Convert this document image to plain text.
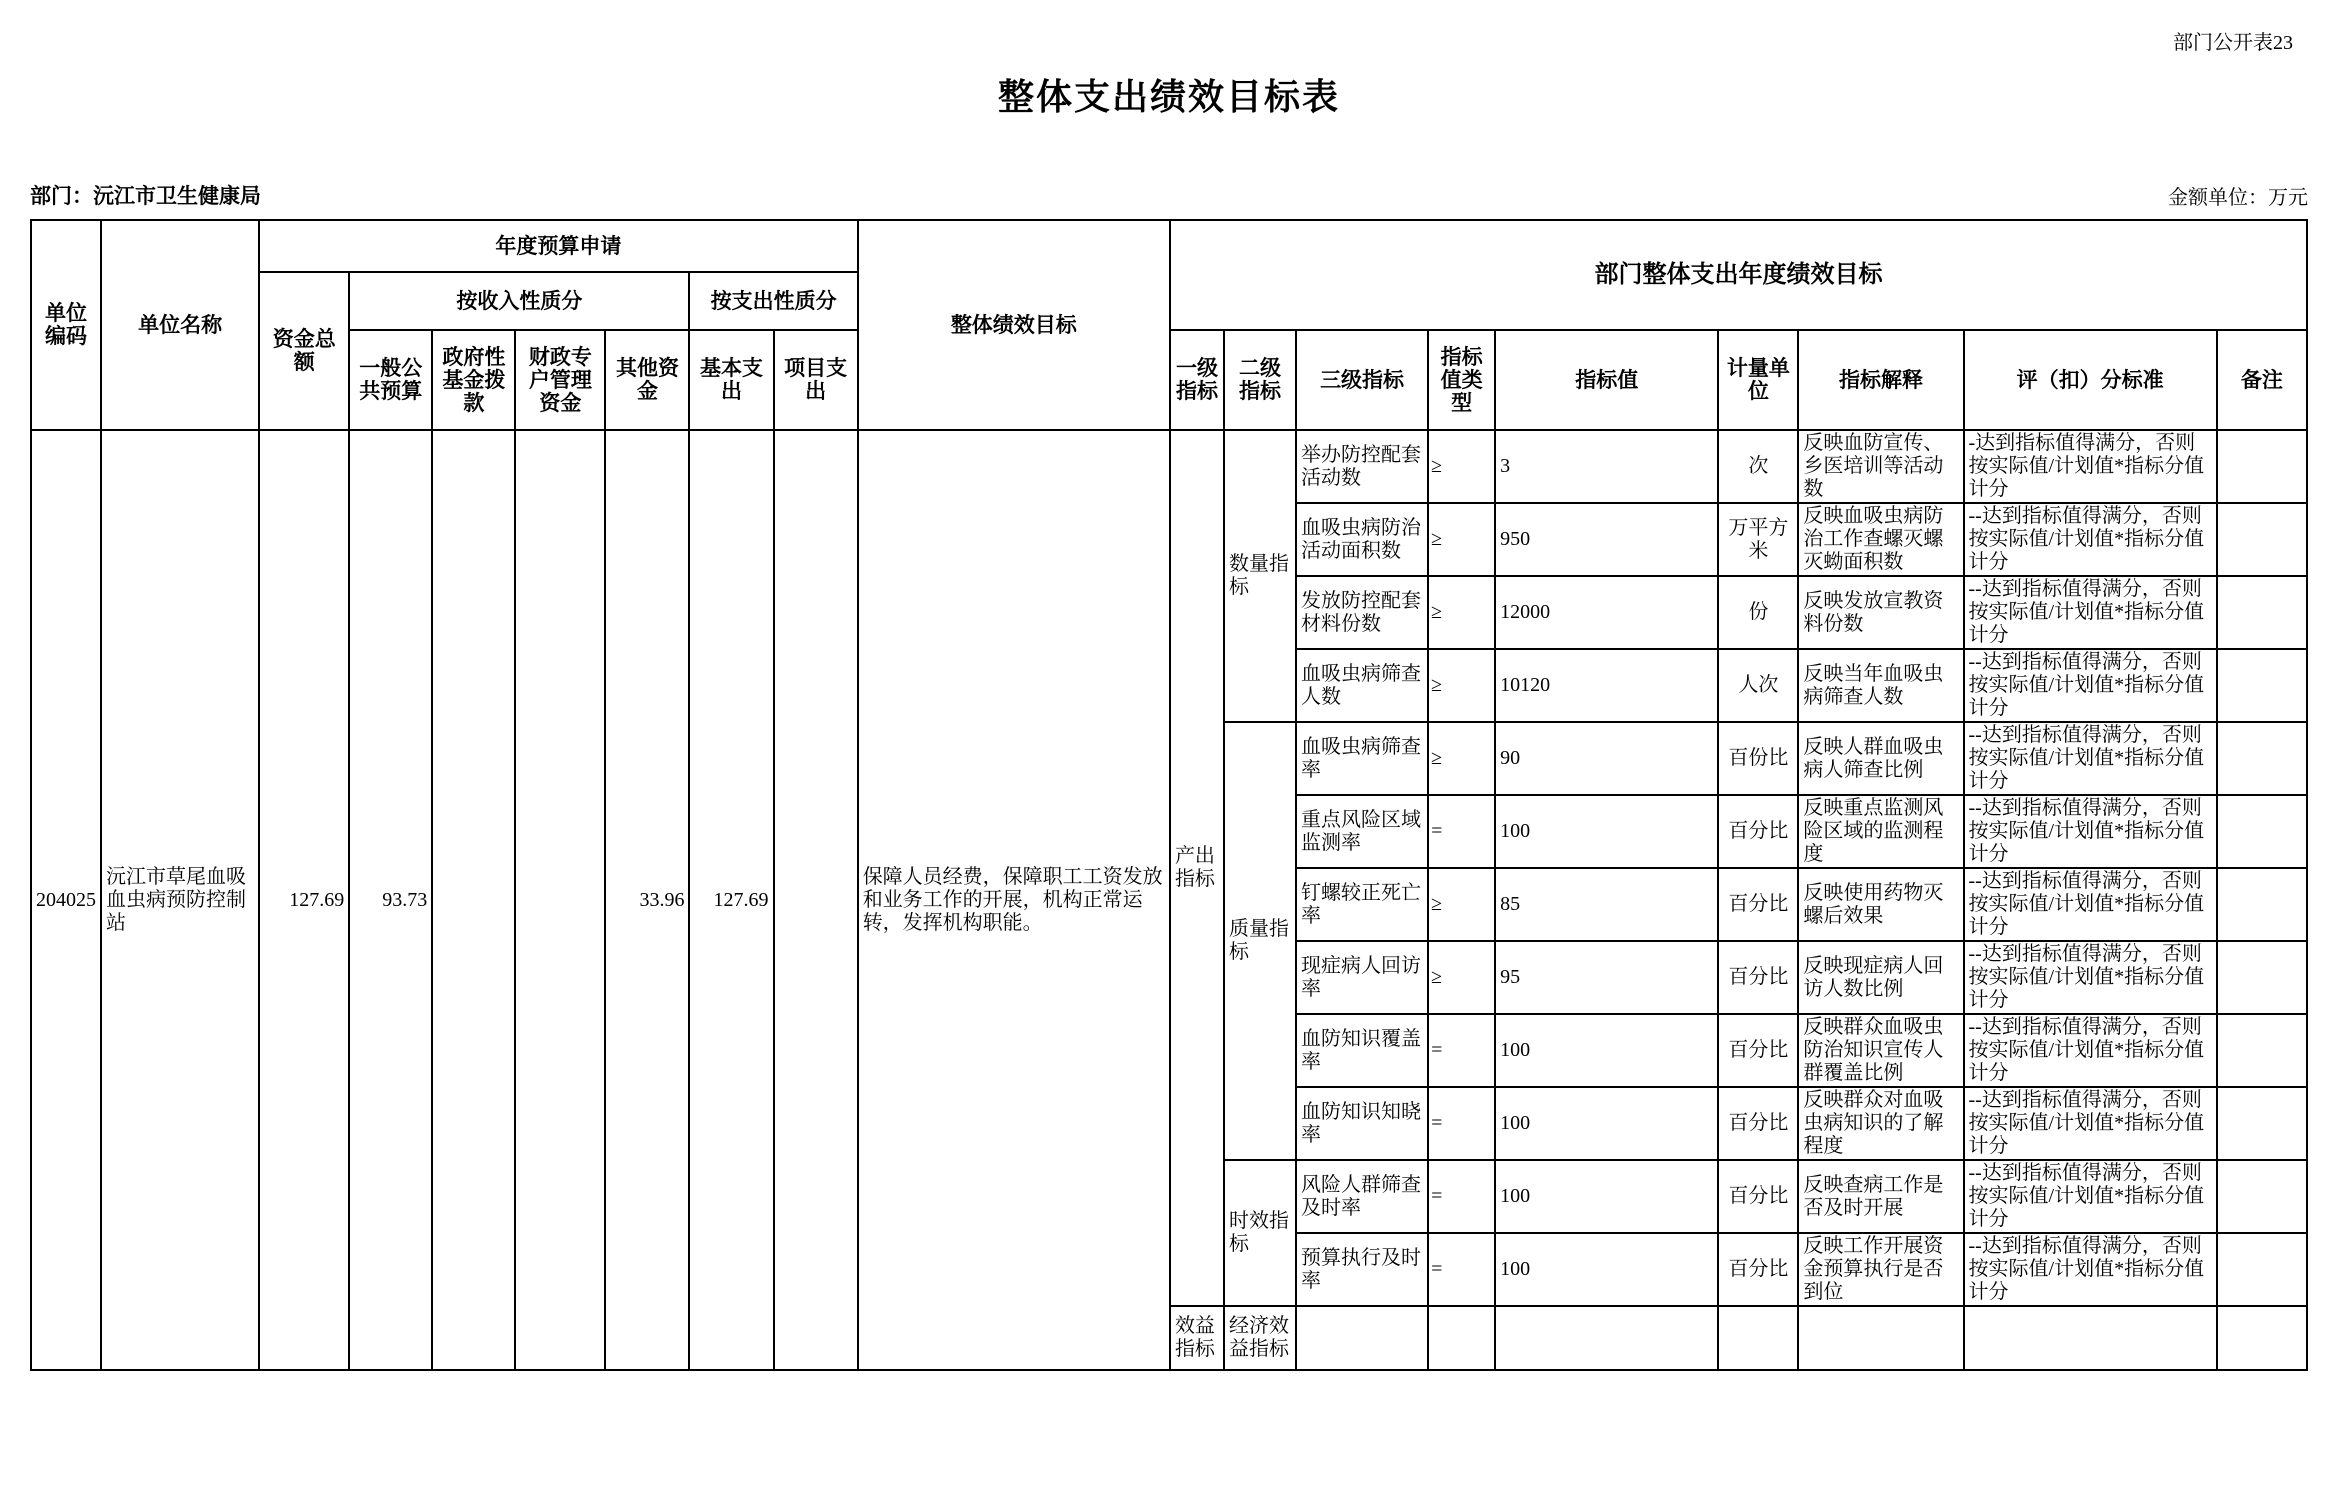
部门公开表23
整体支出绩效目标表
部门：沅江市卫生健康局	金额单位：万元
单位编码	单位名称	年度预算申请							整体绩效目标	部门整体支出年度绩效目标								
		资金总额	按收入性质分				按支出性质分											
			一般公共预算	政府性基金拨款	财政专户管理资金	其他资金	基本支出	项目支出		一级指标	二级指标	三级指标	指标值类型	指标值	计量单位	指标解释	评（扣）分标准	备注
204025	沅江市草尾血吸血虫病预防控制站	127.69	93.73			33.96	127.69		保障人员经费，保障职工工资发放和业务工作的开展，机构正常运转，发挥机构职能。	产出指标	数量指标	举办防控配套活动数	≥	3	次	反映血防宣传、乡医培训等活动数	-达到指标值得满分，否则按实际值/计划值*指标分值计分	
												血吸虫病防治活动面积数	≥	950	万平方米	反映血吸虫病防治工作查螺灭螺灭蚴面积数	--达到指标值得满分，否则按实际值/计划值*指标分值计分	
												发放防控配套材料份数	≥	12000	份	反映发放宣教资料份数	--达到指标值得满分，否则按实际值/计划值*指标分值计分	
												血吸虫病筛查人数	≥	10120	人次	反映当年血吸虫病筛查人数	--达到指标值得满分，否则按实际值/计划值*指标分值计分	
											质量指标	血吸虫病筛查率	≥	90	百份比	反映人群血吸虫病人筛查比例	--达到指标值得满分，否则按实际值/计划值*指标分值计分	
												重点风险区域监测率	=	100	百分比	反映重点监测风险区域的监测程度	--达到指标值得满分，否则按实际值/计划值*指标分值计分	
												钉螺较正死亡率	≥	85	百分比	反映使用药物灭螺后效果	--达到指标值得满分，否则按实际值/计划值*指标分值计分	
												现症病人回访率	≥	95	百分比	反映现症病人回访人数比例	--达到指标值得满分，否则按实际值/计划值*指标分值计分	
												血防知识覆盖率	=	100	百分比	反映群众血吸虫防治知识宣传人群覆盖比例	--达到指标值得满分，否则按实际值/计划值*指标分值计分	
												血防知识知晓率	=	100	百分比	反映群众对血吸虫病知识的了解程度	--达到指标值得满分，否则按实际值/计划值*指标分值计分	
											时效指标	风险人群筛查及时率	=	100	百分比	反映查病工作是否及时开展	--达到指标值得满分，否则按实际值/计划值*指标分值计分	
												预算执行及时率	=	100	百分比	反映工作开展资金预算执行是否到位	--达到指标值得满分，否则按实际值/计划值*指标分值计分	
										效益指标	经济效益指标							
